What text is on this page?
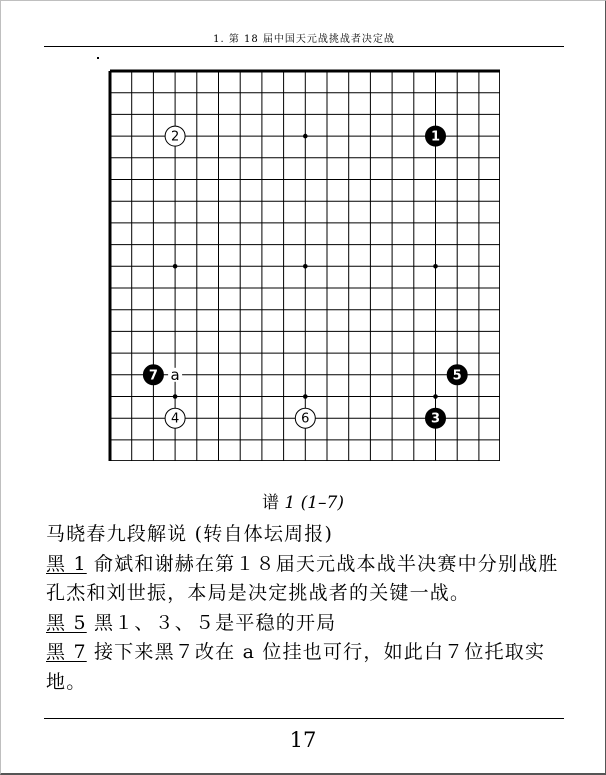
1. 第 18 届中国天元战挑战者决定战
a
1
2
3
4
5
6
7
谱 1 (1–7)

马晓春九段解说 (转自体坛周报)

黑 1 俞斌和谢赫在第１８届天元战本战半决赛中分别战胜孔杰和刘世振，本局是决定挑战者的关键一战。

黑 5 黑１、３、５是平稳的开局

黑 7 接下来黑７改在 a 位挂也可行，如此白７位托取实地。

17
